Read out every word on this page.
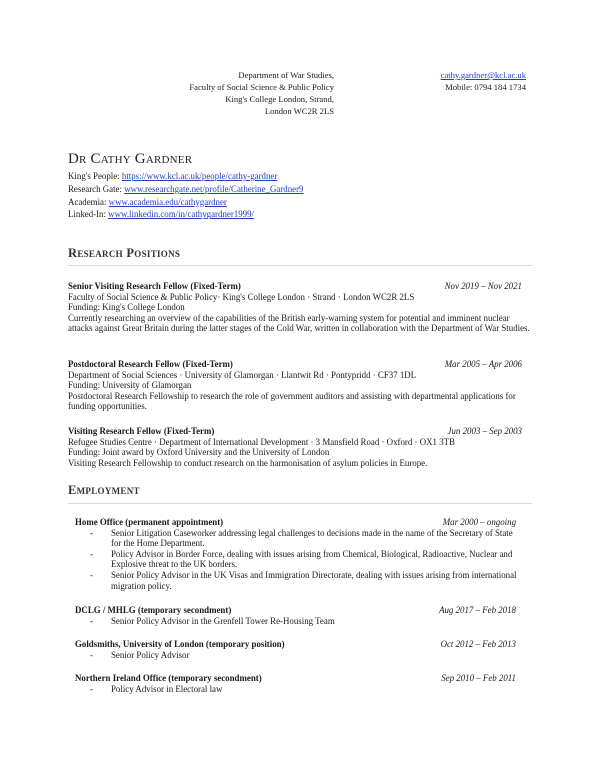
Department of War Studies,
Faculty of Social Science & Public Policy
King's College London, Strand,
London WC2R 2LS
cathy.gardner@kcl.ac.uk
Mobile: 0794 184 1734
Dr Cathy Gardner
King's People: https://www.kcl.ac.uk/people/cathy-gardner
Research Gate: www.researchgate.net/profile/Catherine_Gardner9
Academia: www.academia.edu/cathygardner
Linked-In: www.linkedin.com/in/cathygardner1999/
Research Positions
Senior Visiting Research Fellow (Fixed-Term)	Nov 2019 – Nov 2021

Faculty of Social Science & Public Policy· King's College London · Strand · London WC2R 2LS

Funding: King's College London

Currently researching an overview of the capabilities of the British early-warning system for potential and imminent nuclear attacks against Great Britain during the latter stages of the Cold War, written in collaboration with the Department of War Studies.

Postdoctoral Research Fellow (Fixed-Term)	Mar 2005 – Apr 2006

Department of Social Sciences · University of Glamorgan · Llantwit Rd · Pontypridd · CF37 1DL

Funding: University of Glamorgan

Postdoctoral Research Fellowship to research the role of government auditors and assisting with departmental applications for funding opportunities.

Visiting Research Fellow (Fixed-Term)	Jun 2003 – Sep 2003

Refugee Studies Centre · Department of International Development · 3 Mansfield Road · Oxford · OX1 3TB

Funding: Joint award by Oxford University and the University of London

Visiting Research Fellowship to conduct research on the harmonisation of asylum policies in Europe.

Employment
Home Office (permanent appointment)	Mar 2000 – ongoing
- Senior Litigation Caseworker addressing legal challenges to decisions made in the name of the Secretary of State for the Home Department.
- Policy Advisor in Border Force, dealing with issues arising from Chemical, Biological, Radioactive, Nuclear and Explosive threat to the UK borders.
- Senior Policy Advisor in the UK Visas and Immigration Directorate, dealing with issues arising from international migration policy.
DCLG / MHLG (temporary secondment)	Aug 2017 – Feb 2018
- Senior Policy Advisor in the Grenfell Tower Re-Housing Team
Goldsmiths, University of London (temporary position)	Oct 2012 – Feb 2013
- Senior Policy Advisor
Northern Ireland Office (temporary secondment)	Sep 2010 – Feb 2011
- Policy Advisor in Electoral law
